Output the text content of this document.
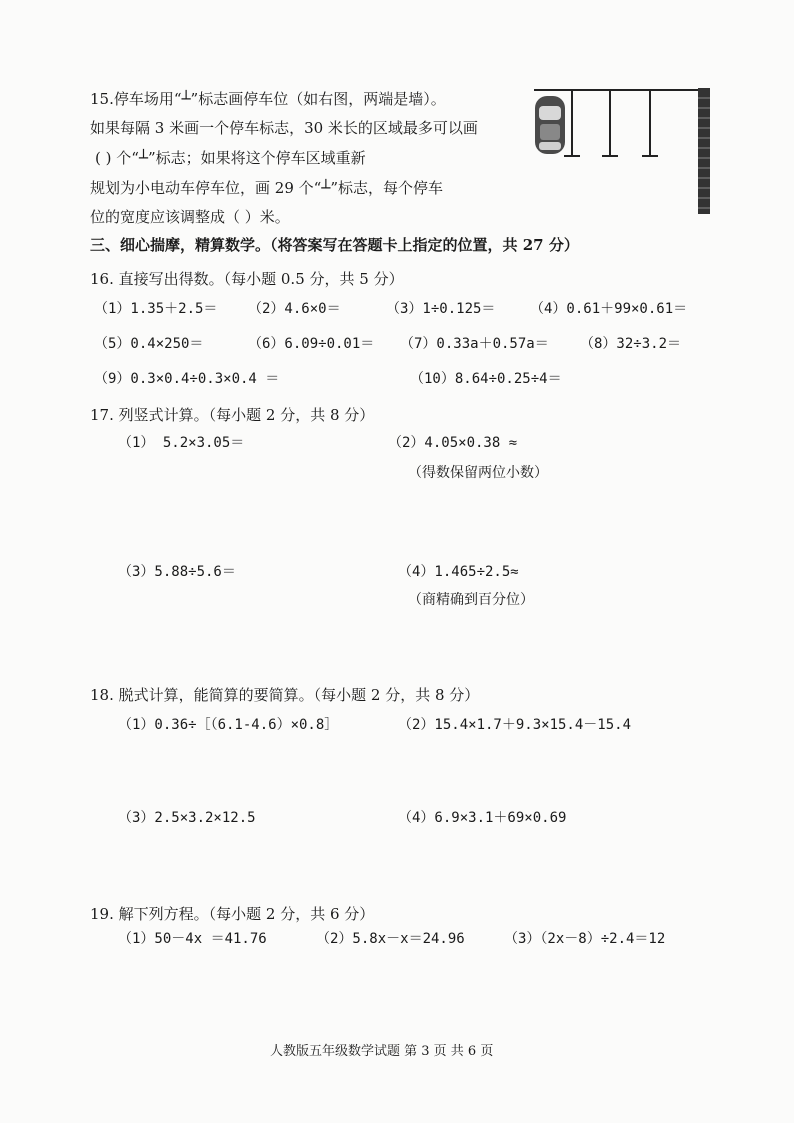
15.停车场用“┴”标志画停车位（如右图，两端是墙）。
如果每隔 3 米画一个停车标志，30 米长的区域最多可以画
( ) 个“┴”标志；如果将这个停车区域重新
规划为小电动车停车位，画 29 个“┴”标志，每个停车
位的宽度应该调整成（ ）米。
三、细心揣摩，精算数学。（将答案写在答题卡上指定的位置，共 27 分）
16. 直接写出得数。（每小题 0.5 分，共 5 分）
（1）1.35＋2.5＝ （2）4.6×0＝	（3）1÷0.125＝ （4）0.61＋99×0.61＝
（5）0.4×250＝	（6）6.09÷0.01＝ （7）0.33a＋0.57a＝ （8）32÷3.2＝
（9）0.3×0.4÷0.3×0.4 ＝	（10）8.64÷0.25÷4＝
17. 列竖式计算。（每小题 2 分，共 8 分）
（1） 5.2×3.05＝	（2）4.05×0.38 ≈
（得数保留两位小数）
（3）5.88÷5.6＝	（4）1.465÷2.5≈
（商精确到百分位）
18. 脱式计算，能简算的要简算。（每小题 2 分，共 8 分）
（1）0.36÷［（6.1-4.6）×0.8］	（2）15.4×1.7＋9.3×15.4－15.4
（3）2.5×3.2×12.5	（4）6.9×3.1＋69×0.69
19. 解下列方程。（每小题 2 分，共 6 分）
（1）50－4x ＝41.76	（2）5.8x－x＝24.96	（3）（2x－8）÷2.4＝12
人教版五年级数学试题 第 3 页 共 6 页
